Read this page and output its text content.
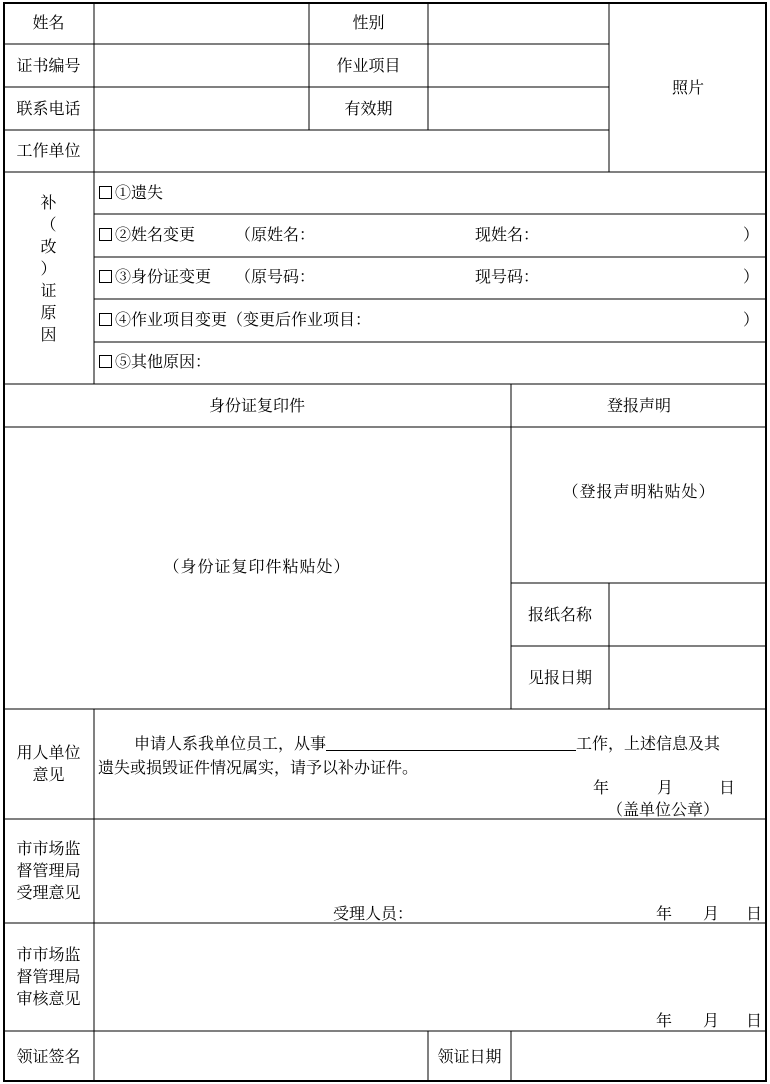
姓名	性别
证书编号	作业项目
联系电话	有效期
工作单位
照片
补
（
改
）
证
原
因
①遗失
②姓名变更 （原姓名：	现姓名：	）
③身份证变更 （原号码：	现号码：	）
④作业项目变更（变更后作业项目：	）
⑤其他原因：
身份证复印件	登报声明
（身份证复印件粘贴处）
（登报声明粘贴处）
报纸名称
见报日期
用人单位意见
申请人系我单位员工，从事	工作，上述信息及其
遗失或损毁证件情况属实，请予以补办证件。
年	月	日
（盖单位公章）
市市场监督管理局受理意见
受理人员：	年 月 日
市市场监督管理局审核意见
年 月 日
领证签名	领证日期
